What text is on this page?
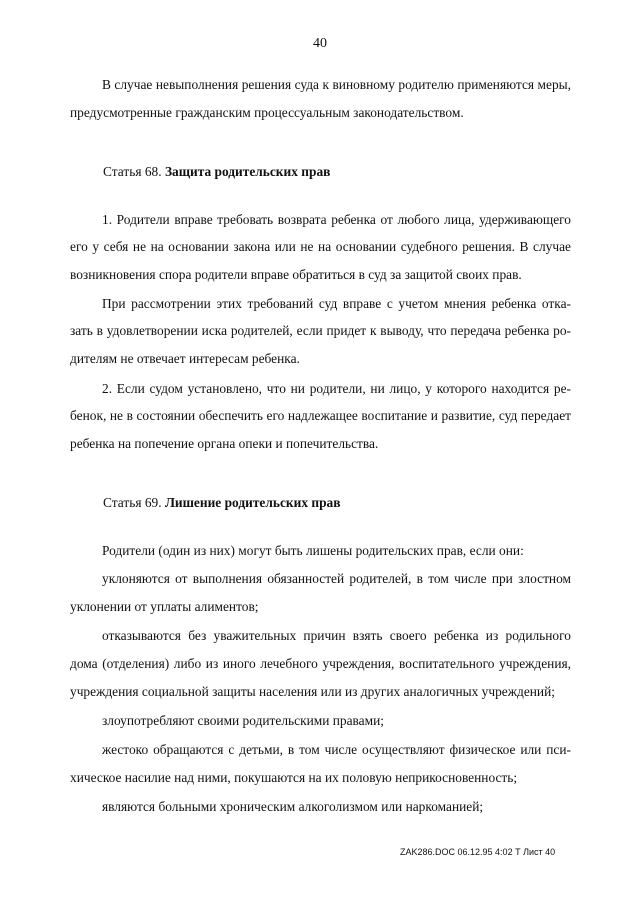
40
В случае невыполнения решения суда к виновному родителю применяются меры,
предусмотренные гражданским процессуальным законодательством.
Статья 68. Защита родительских прав
1. Родители вправе требовать возврата ребенка от любого лица, удерживающего
его у себя не на основании закона или не на основании судебного решения. В случае
возникновения спора родители вправе обратиться в суд за защитой своих прав.
При рассмотрении этих требований суд вправе с учетом мнения ребенка отка-
зать в удовлетворении иска родителей, если придет к выводу, что передача ребенка ро-
дителям не отвечает интересам ребенка.
2. Если судом установлено, что ни родители, ни лицо, у которого находится ре-
бенок, не в состоянии обеспечить его надлежащее воспитание и развитие, суд передает
ребенка на попечение органа опеки и попечительства.
Статья 69. Лишение родительских прав
Родители (один из них) могут быть лишены родительских прав, если они:
уклоняются от выполнения обязанностей родителей, в том числе при злостном
уклонении от уплаты алиментов;
отказываются без уважительных причин взять своего ребенка из родильного
дома (отделения) либо из иного лечебного учреждения, воспитательного учреждения,
учреждения социальной защиты населения или из других аналогичных учреждений;
злоупотребляют своими родительскими правами;
жестоко обращаются с детьми, в том числе осуществляют физическое или пси-
хическое насилие над ними, покушаются на их половую неприкосновенность;
являются больными хроническим алкоголизмом или наркоманией;
ZAK286.DOC 06.12.95 4:02 Т Лист 40
